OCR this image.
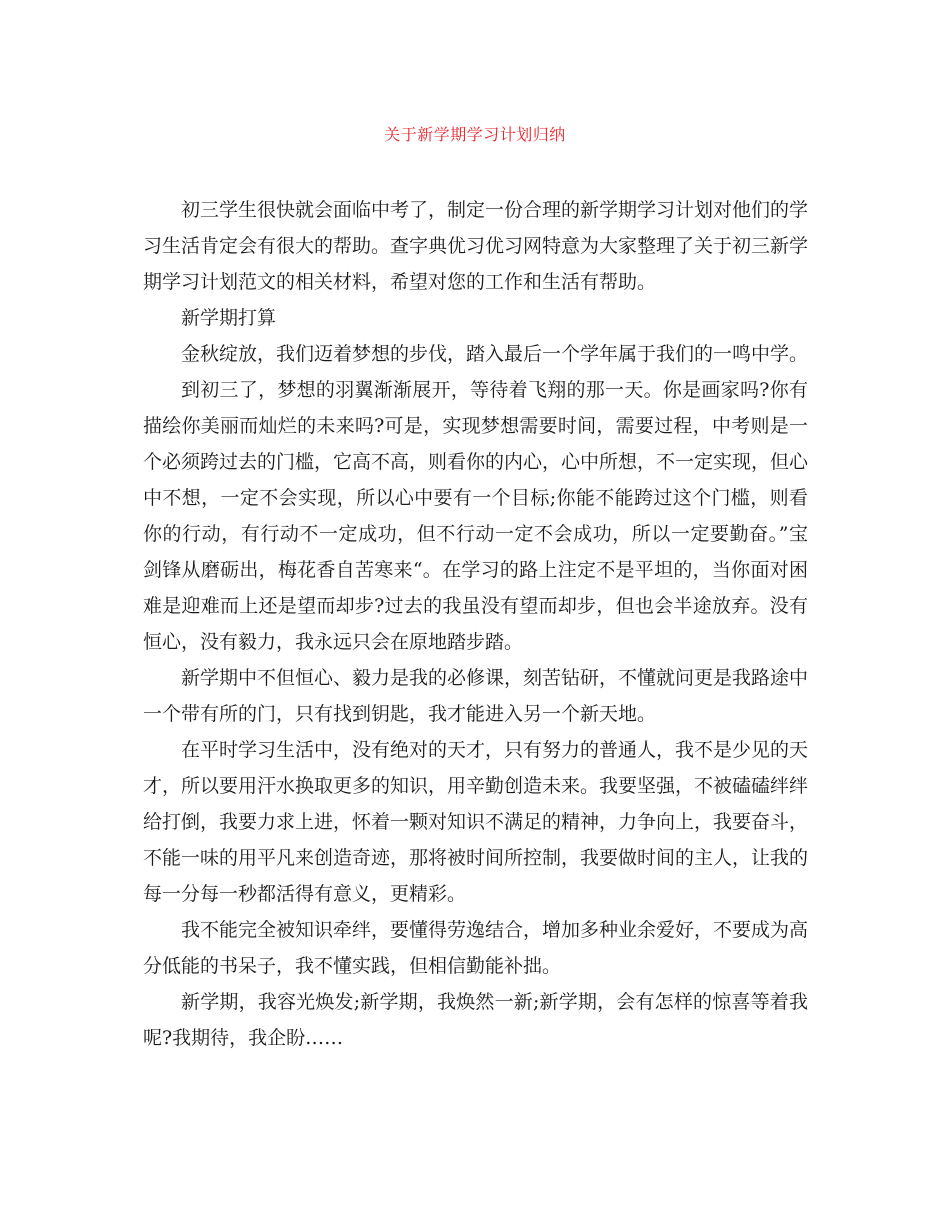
关于新学期学习计划归纳

初三学生很快就会面临中考了，制定一份合理的新学期学习计划对他们的学习生活肯定会有很大的帮助。查字典优习优习网特意为大家整理了关于初三新学期学习计划范文的相关材料，希望对您的工作和生活有帮助。

新学期打算

金秋绽放，我们迈着梦想的步伐，踏入最后一个学年属于我们的一鸣中学。

到初三了，梦想的羽翼渐渐展开，等待着飞翔的那一天。你是画家吗?你有描绘你美丽而灿烂的未来吗?可是，实现梦想需要时间，需要过程，中考则是一个必须跨过去的门槛，它高不高，则看你的内心，心中所想，不一定实现，但心中不想，一定不会实现，所以心中要有一个目标;你能不能跨过这个门槛，则看你的行动，有行动不一定成功，但不行动一定不会成功，所以一定要勤奋。”宝剑锋从磨砺出，梅花香自苦寒来“。在学习的路上注定不是平坦的，当你面对困难是迎难而上还是望而却步?过去的我虽没有望而却步，但也会半途放弃。没有恒心，没有毅力，我永远只会在原地踏步踏。

新学期中不但恒心、毅力是我的必修课，刻苦钻研，不懂就问更是我路途中一个带有所的门，只有找到钥匙，我才能进入另一个新天地。

在平时学习生活中，没有绝对的天才，只有努力的普通人，我不是少见的天才，所以要用汗水换取更多的知识，用辛勤创造未来。我要坚强，不被磕磕绊绊给打倒，我要力求上进，怀着一颗对知识不满足的精神，力争向上，我要奋斗，不能一味的用平凡来创造奇迹，那将被时间所控制，我要做时间的主人，让我的每一分每一秒都活得有意义，更精彩。

我不能完全被知识牵绊，要懂得劳逸结合，增加多种业余爱好，不要成为高分低能的书呆子，我不懂实践，但相信勤能补拙。

新学期，我容光焕发;新学期，我焕然一新;新学期，会有怎样的惊喜等着我呢?我期待，我企盼……
